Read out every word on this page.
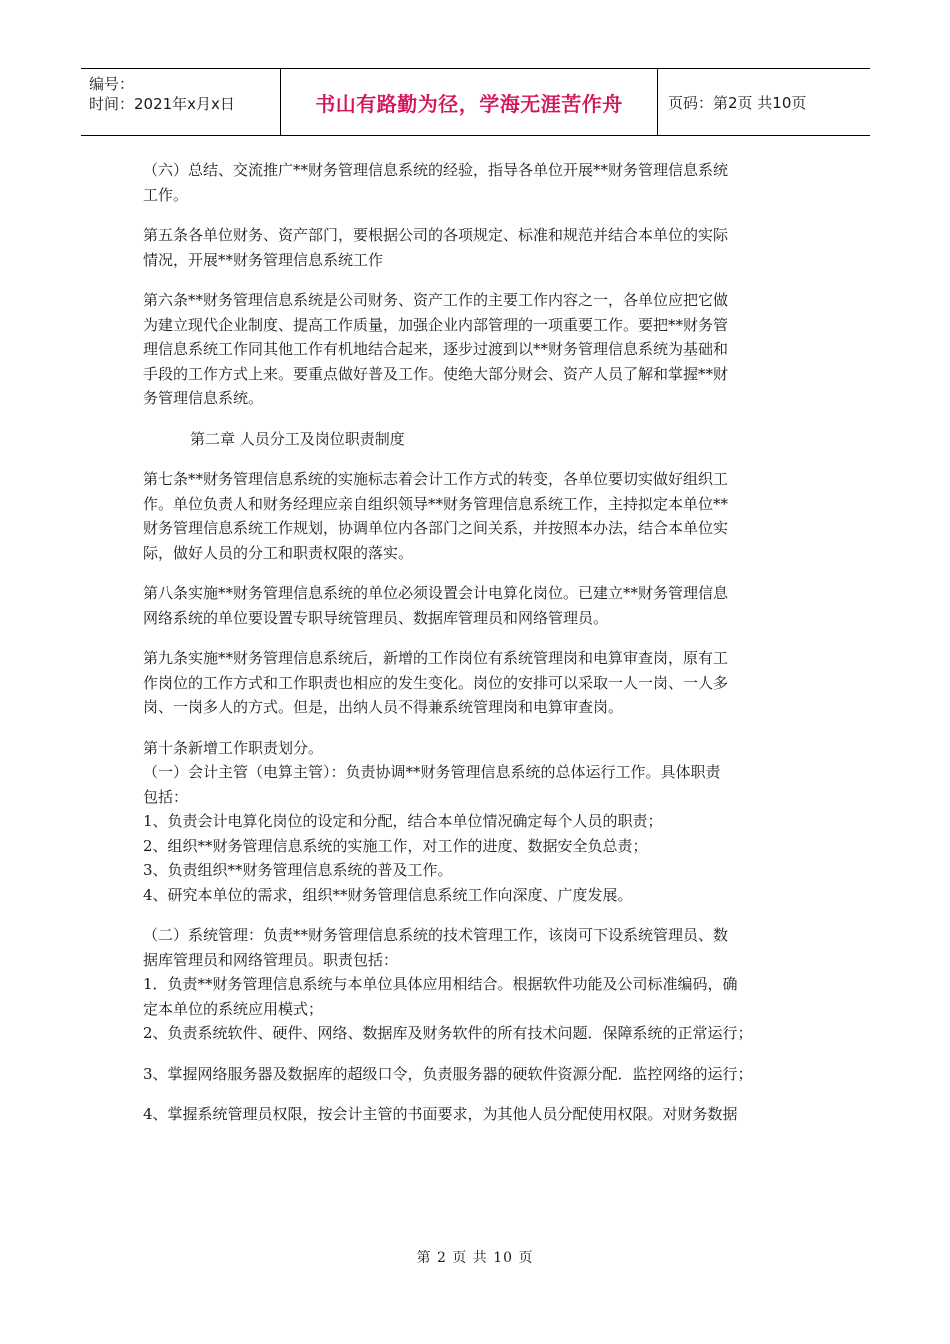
编号：
时间：2021年x月x日	书山有路勤为径，学海无涯苦作舟	页码：第2页 共10页
（六）总结、交流推广**财务管理信息系统的经验，指导各单位开展**财务管理信息系统
工作。
第五条各单位财务、资产部门，要根据公司的各项规定、标准和规范并结合本单位的实际
情况，开展**财务管理信息系统工作
第六条**财务管理信息系统是公司财务、资产工作的主要工作内容之一，各单位应把它做
为建立现代企业制度、提高工作质量，加强企业内部管理的一项重要工作。要把**财务管
理信息系统工作同其他工作有机地结合起来，逐步过渡到以**财务管理信息系统为基础和
手段的工作方式上来。要重点做好普及工作。使绝大部分财会、资产人员了解和掌握**财
务管理信息系统。
第二章 人员分工及岗位职责制度
第七条**财务管理信息系统的实施标志着会计工作方式的转变，各单位要切实做好组织工
作。单位负责人和财务经理应亲自组织领导**财务管理信息系统工作，主持拟定本单位**
财务管理信息系统工作规划，协调单位内各部门之间关系，并按照本办法，结合本单位实
际，做好人员的分工和职责权限的落实。
第八条实施**财务管理信息系统的单位必须设置会计电算化岗位。已建立**财务管理信息
网络系统的单位要设置专职导统管理员、数据库管理员和网络管理员。
第九条实施**财务管理信息系统后，新增的工作岗位有系统管理岗和电算审查岗，原有工
作岗位的工作方式和工作职责也相应的发生变化。岗位的安排可以采取一人一岗、一人多
岗、一岗多人的方式。但是，出纳人员不得兼系统管理岗和电算审查岗。
第十条新增工作职责划分。
（一）会计主管（电算主管）：负责协调**财务管理信息系统的总体运行工作。具体职责
包括：
1、负责会计电算化岗位的设定和分配，结合本单位情况确定每个人员的职责；
2、组织**财务管理信息系统的实施工作，对工作的进度、数据安全负总责；
3、负责组织**财务管理信息系统的普及工作。
4、研究本单位的需求，组织**财务管理信息系统工作向深度、广度发展。
（二）系统管理：负责**财务管理信息系统的技术管理工作，该岗可下设系统管理员、数
据库管理员和网络管理员。职责包括：
1．负责**财务管理信息系统与本单位具体应用相结合。根据软件功能及公司标准编码，确
定本单位的系统应用模式；
2、负责系统软件、硬件、网络、数据库及财务软件的所有技术问题．保障系统的正常运行；
3、掌握网络服务器及数据库的超级口令，负责服务器的硬软件资源分配．监控网络的运行；
4、掌握系统管理员权限，按会计主管的书面要求，为其他人员分配使用权限。对财务数据
第 2 页 共 10 页
